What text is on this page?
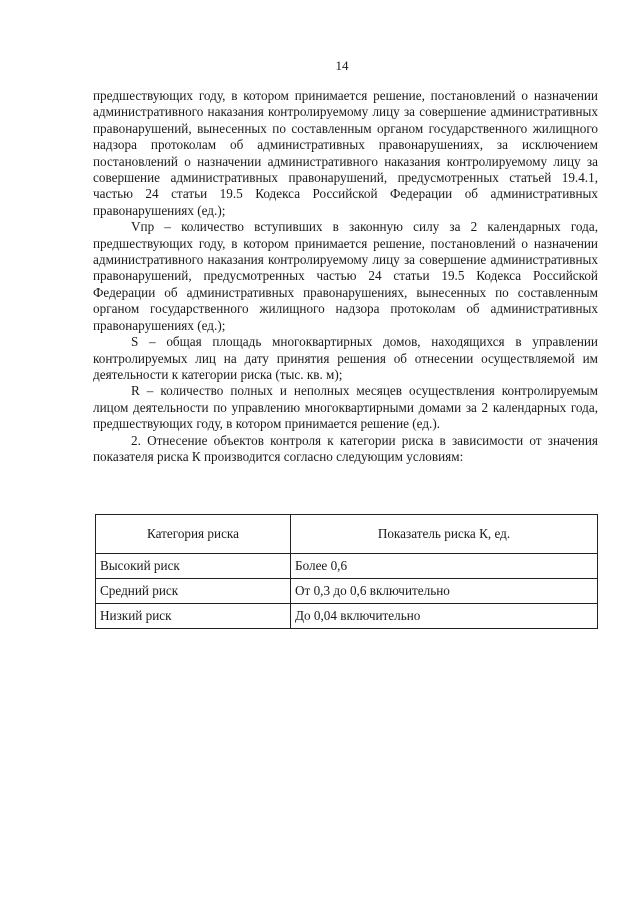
14

предшествующих году, в котором принимается решение, постановлений о назначении административного наказания контролируемому лицу за совершение административных правонарушений, вынесенных по составленным органом государственного жилищного надзора протоколам об административных правонарушениях, за исключением постановлений о назначении административного наказания контролируемому лицу за совершение административных правонарушений, предусмотренных статьей 19.4.1, частью 24 статьи 19.5 Кодекса Российской Федерации об административных правонарушениях (ед.);

Vпр – количество вступивших в законную силу за 2 календарных года, предшествующих году, в котором принимается решение, постановлений о назначении административного наказания контролируемому лицу за совершение административных правонарушений, предусмотренных частью 24 статьи 19.5 Кодекса Российской Федерации об административных правонарушениях, вынесенных по составленным органом государственного жилищного надзора протоколам об административных правонарушениях (ед.);

S – общая площадь многоквартирных домов, находящихся в управлении контролируемых лиц на дату принятия решения об отнесении осуществляемой им деятельности к категории риска (тыс. кв. м);

R – количество полных и неполных месяцев осуществления контролируемым лицом деятельности по управлению многоквартирными домами за 2 календарных года, предшествующих году, в котором принимается решение (ед.).

2. Отнесение объектов контроля к категории риска в зависимости от значения показателя риска К производится согласно следующим условиям:

Категория риска	Показатель риска К, ед.
Высокий риск	Более 0,6
Средний риск	От 0,3 до 0,6 включительно
Низкий риск	До 0,04 включительно
